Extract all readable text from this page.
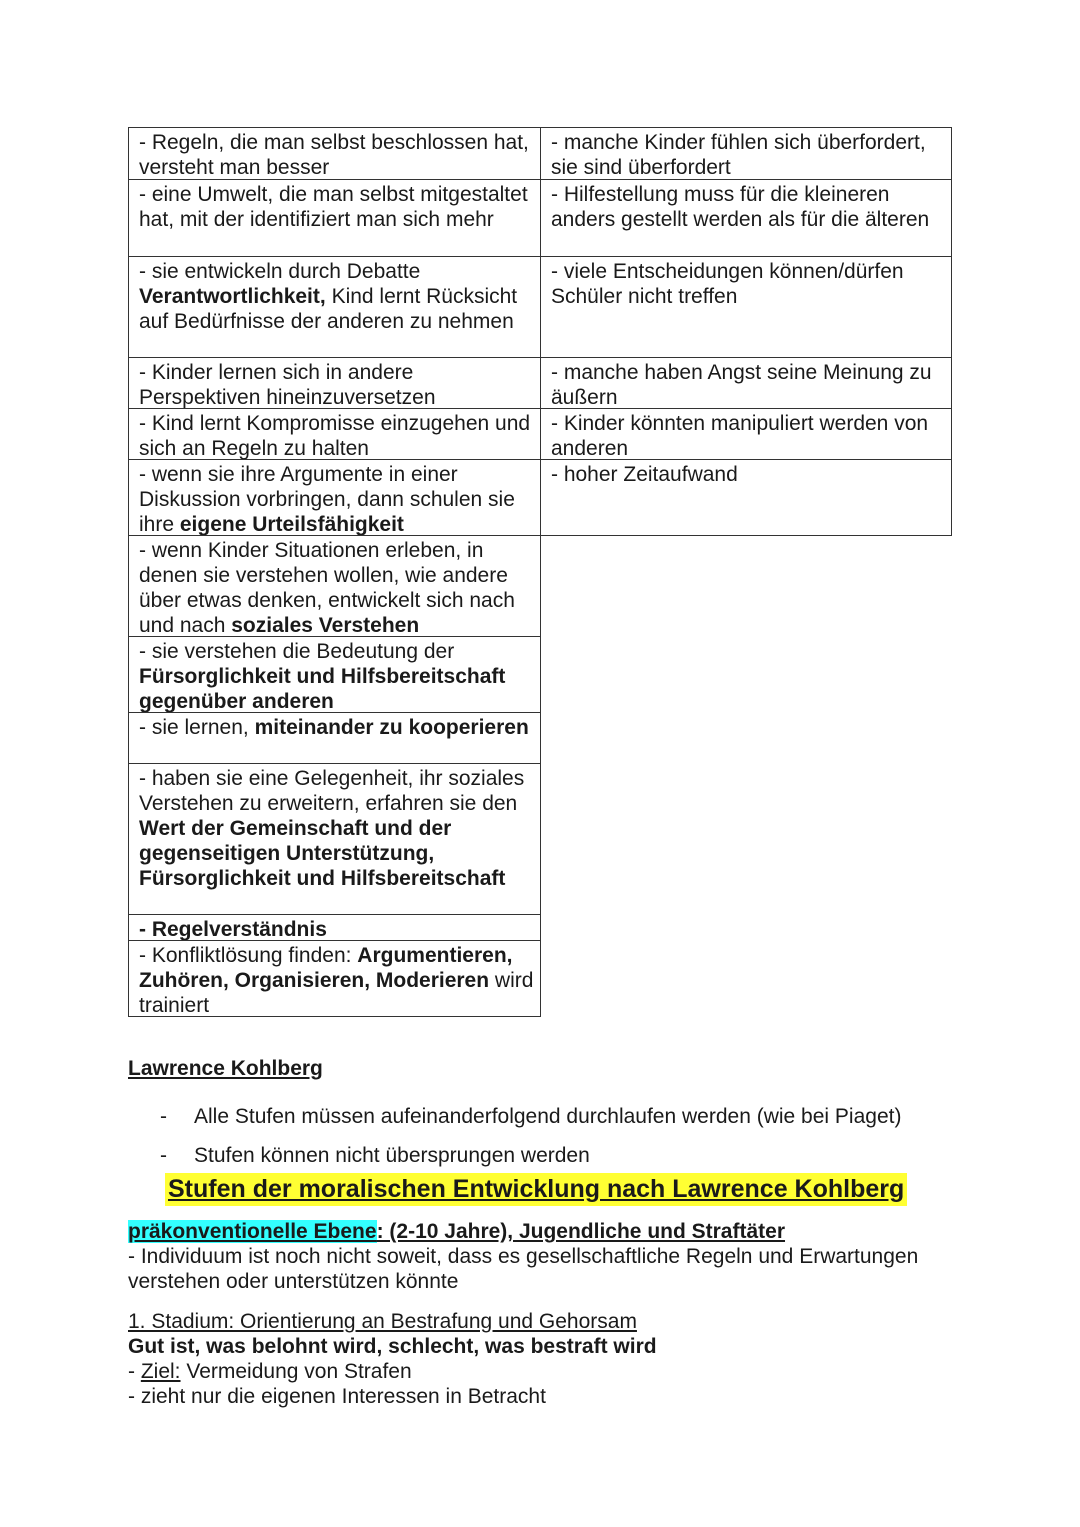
- Regeln, die man selbst beschlossen hat, versteht man besser
- eine Umwelt, die man selbst mitgestaltet hat, mit der identifiziert man sich mehr
- sie entwickeln durch Debatte Verantwortlichkeit, Kind lernt Rücksicht auf Bedürfnisse der anderen zu nehmen
- Kinder lernen sich in andere Perspektiven hineinzuversetzen
- Kind lernt Kompromisse einzugehen und sich an Regeln zu halten
- wenn sie ihre Argumente in einer Diskussion vorbringen, dann schulen sie ihre eigene Urteilsfähigkeit
- wenn Kinder Situationen erleben, in denen sie verstehen wollen, wie andere über etwas denken, entwickelt sich nach und nach soziales Verstehen
- sie verstehen die Bedeutung der Fürsorglichkeit und Hilfsbereitschaft gegenüber anderen
- sie lernen, miteinander zu kooperieren
- haben sie eine Gelegenheit, ihr soziales Verstehen zu erweitern, erfahren sie den Wert der Gemeinschaft und der gegenseitigen Unterstützung, Fürsorglichkeit und Hilfsbereitschaft
- Regelverständnis
- Konfliktlösung finden: Argumentieren, Zuhören, Organisieren, Moderieren wird trainiert
- manche Kinder fühlen sich überfordert, sie sind überfordert
- Hilfestellung muss für die kleineren anders gestellt werden als für die älteren
- viele Entscheidungen können/dürfen Schüler nicht treffen
- manche haben Angst seine Meinung zu äußern
- Kinder könnten manipuliert werden von anderen
- hoher Zeitaufwand
Lawrence Kohlberg
- Alle Stufen müssen aufeinanderfolgend durchlaufen werden (wie bei Piaget)
- Stufen können nicht übersprungen werden
Stufen der moralischen Entwicklung nach Lawrence Kohlberg
präkonventionelle Ebene: (2-10 Jahre), Jugendliche und Straftäter
- Individuum ist noch nicht soweit, dass es gesellschaftliche Regeln und Erwartungen verstehen oder unterstützen könnte
1. Stadium: Orientierung an Bestrafung und Gehorsam
Gut ist, was belohnt wird, schlecht, was bestraft wird
- Ziel: Vermeidung von Strafen
- zieht nur die eigenen Interessen in Betracht
